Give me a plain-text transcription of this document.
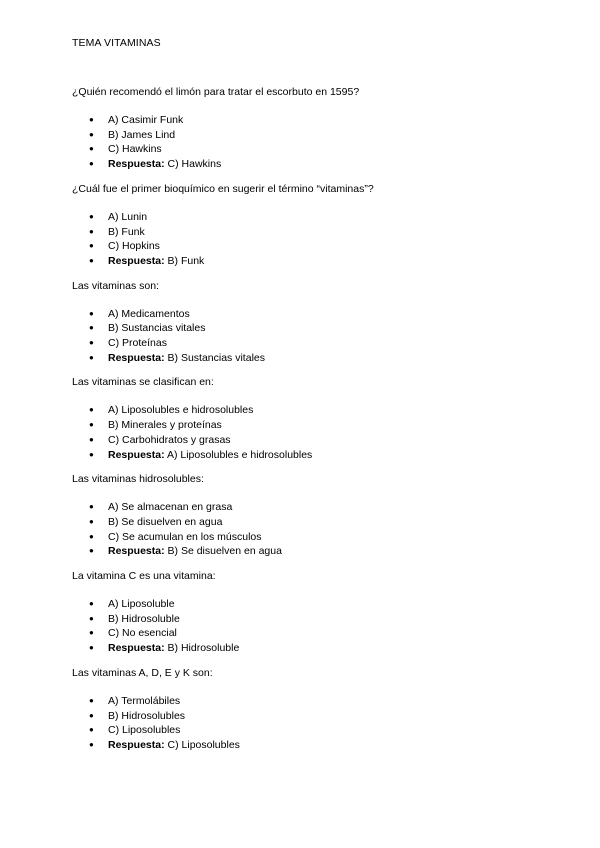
TEMA VITAMINAS

¿Quién recomendó el limón para tratar el escorbuto en 1595?

● A) Casimir Funk
● B) James Lind
● C) Hawkins
● Respuesta: C) Hawkins

¿Cuál fue el primer bioquímico en sugerir el término “vitaminas”?

● A) Lunin
● B) Funk
● C) Hopkins
● Respuesta: B) Funk

Las vitaminas son:

● A) Medicamentos
● B) Sustancias vitales
● C) Proteínas
● Respuesta: B) Sustancias vitales

Las vitaminas se clasifican en:

● A) Liposolubles e hidrosolubles
● B) Minerales y proteínas
● C) Carbohidratos y grasas
● Respuesta: A) Liposolubles e hidrosolubles

Las vitaminas hidrosolubles:

● A) Se almacenan en grasa
● B) Se disuelven en agua
● C) Se acumulan en los músculos
● Respuesta: B) Se disuelven en agua

La vitamina C es una vitamina:

● A) Liposoluble
● B) Hidrosoluble
● C) No esencial
● Respuesta: B) Hidrosoluble

Las vitaminas A, D, E y K son:

● A) Termolábiles
● B) Hidrosolubles
● C) Liposolubles
● Respuesta: C) Liposolubles
